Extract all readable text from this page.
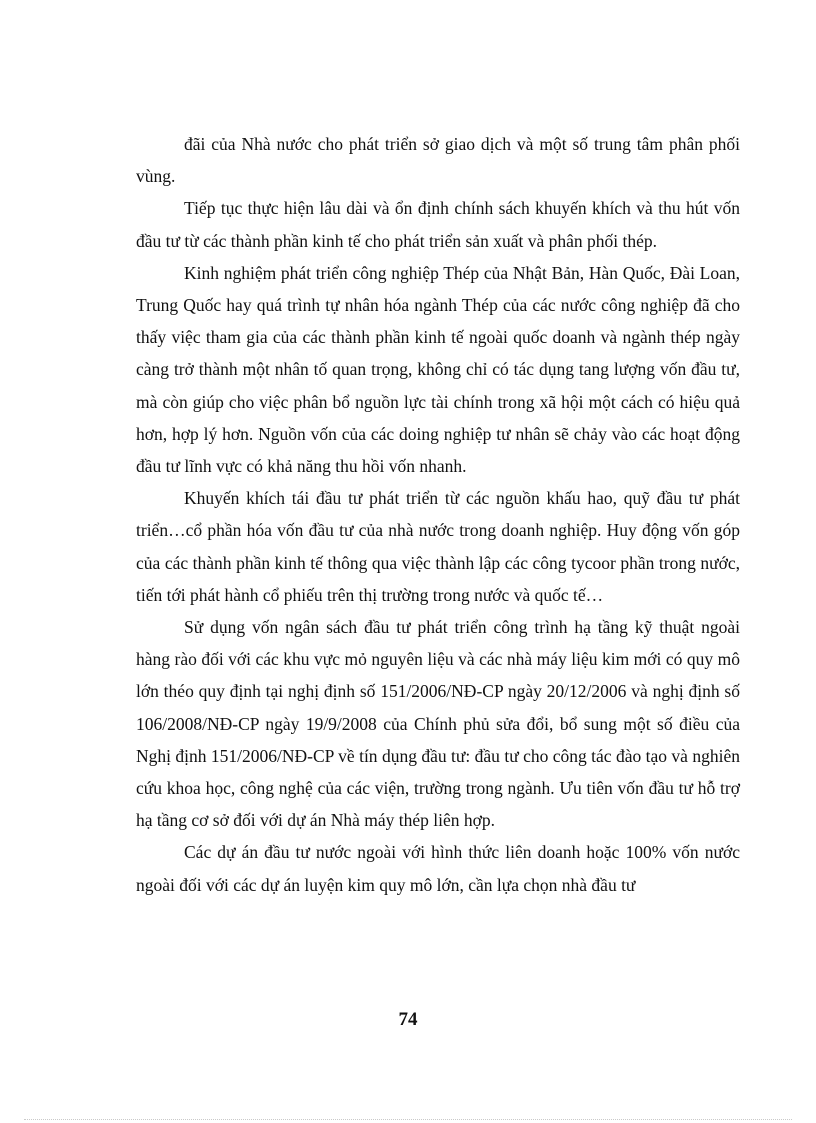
đãi của Nhà nước cho phát triển sở giao dịch và một số trung tâm phân phối vùng.

Tiếp tục thực hiện lâu dài và ổn định chính sách khuyến khích và thu hút vốn đầu tư từ các thành phần kinh tế cho phát triển sản xuất và phân phối thép.

Kinh nghiệm phát triển công nghiệp Thép của Nhật Bản, Hàn Quốc, Đài Loan, Trung Quốc hay quá trình tự nhân hóa ngành Thép của các nước công nghiệp đã cho thấy việc tham gia của các thành phần kinh tế ngoài quốc doanh và ngành thép ngày càng trở thành một nhân tố quan trọng, không chỉ có tác dụng tang lượng vốn đầu tư, mà còn giúp cho việc phân bổ nguồn lực tài chính trong xã hội một cách có hiệu quả hơn, hợp lý hơn. Nguồn vốn của các doing nghiệp tư nhân sẽ chảy vào các hoạt động đầu tư lĩnh vực có khả năng thu hồi vốn nhanh.

Khuyến khích tái đầu tư phát triển từ các nguồn khấu hao, quỹ đầu tư phát triển…cổ phần hóa vốn đầu tư của nhà nước trong doanh nghiệp. Huy động vốn góp của các thành phần kinh tế thông qua việc thành lập các công tycoor phần trong nước, tiến tới phát hành cổ phiếu trên thị trường trong nước và quốc tế…

Sử dụng vốn ngân sách đầu tư phát triển công trình hạ tầng kỹ thuật ngoài hàng rào đối với các khu vực mỏ nguyên liệu và các nhà máy liệu kim mới có quy mô lớn théo quy định tại nghị định số 151/2006/NĐ-CP ngày 20/12/2006 và nghị định số 106/2008/NĐ-CP ngày 19/9/2008 của Chính phủ sửa đổi, bổ sung một số điều của Nghị định 151/2006/NĐ-CP về tín dụng đầu tư: đầu tư cho công tác đào tạo và nghiên cứu khoa học, công nghệ của các viện, trường trong ngành. Ưu tiên vốn đầu tư hỗ trợ hạ tầng cơ sở đối với dự án Nhà máy thép liên hợp.

Các dự án đầu tư nước ngoài với hình thức liên doanh hoặc 100% vốn nước ngoài đối với các dự án luyện kim quy mô lớn, cần lựa chọn nhà đầu tư

74
